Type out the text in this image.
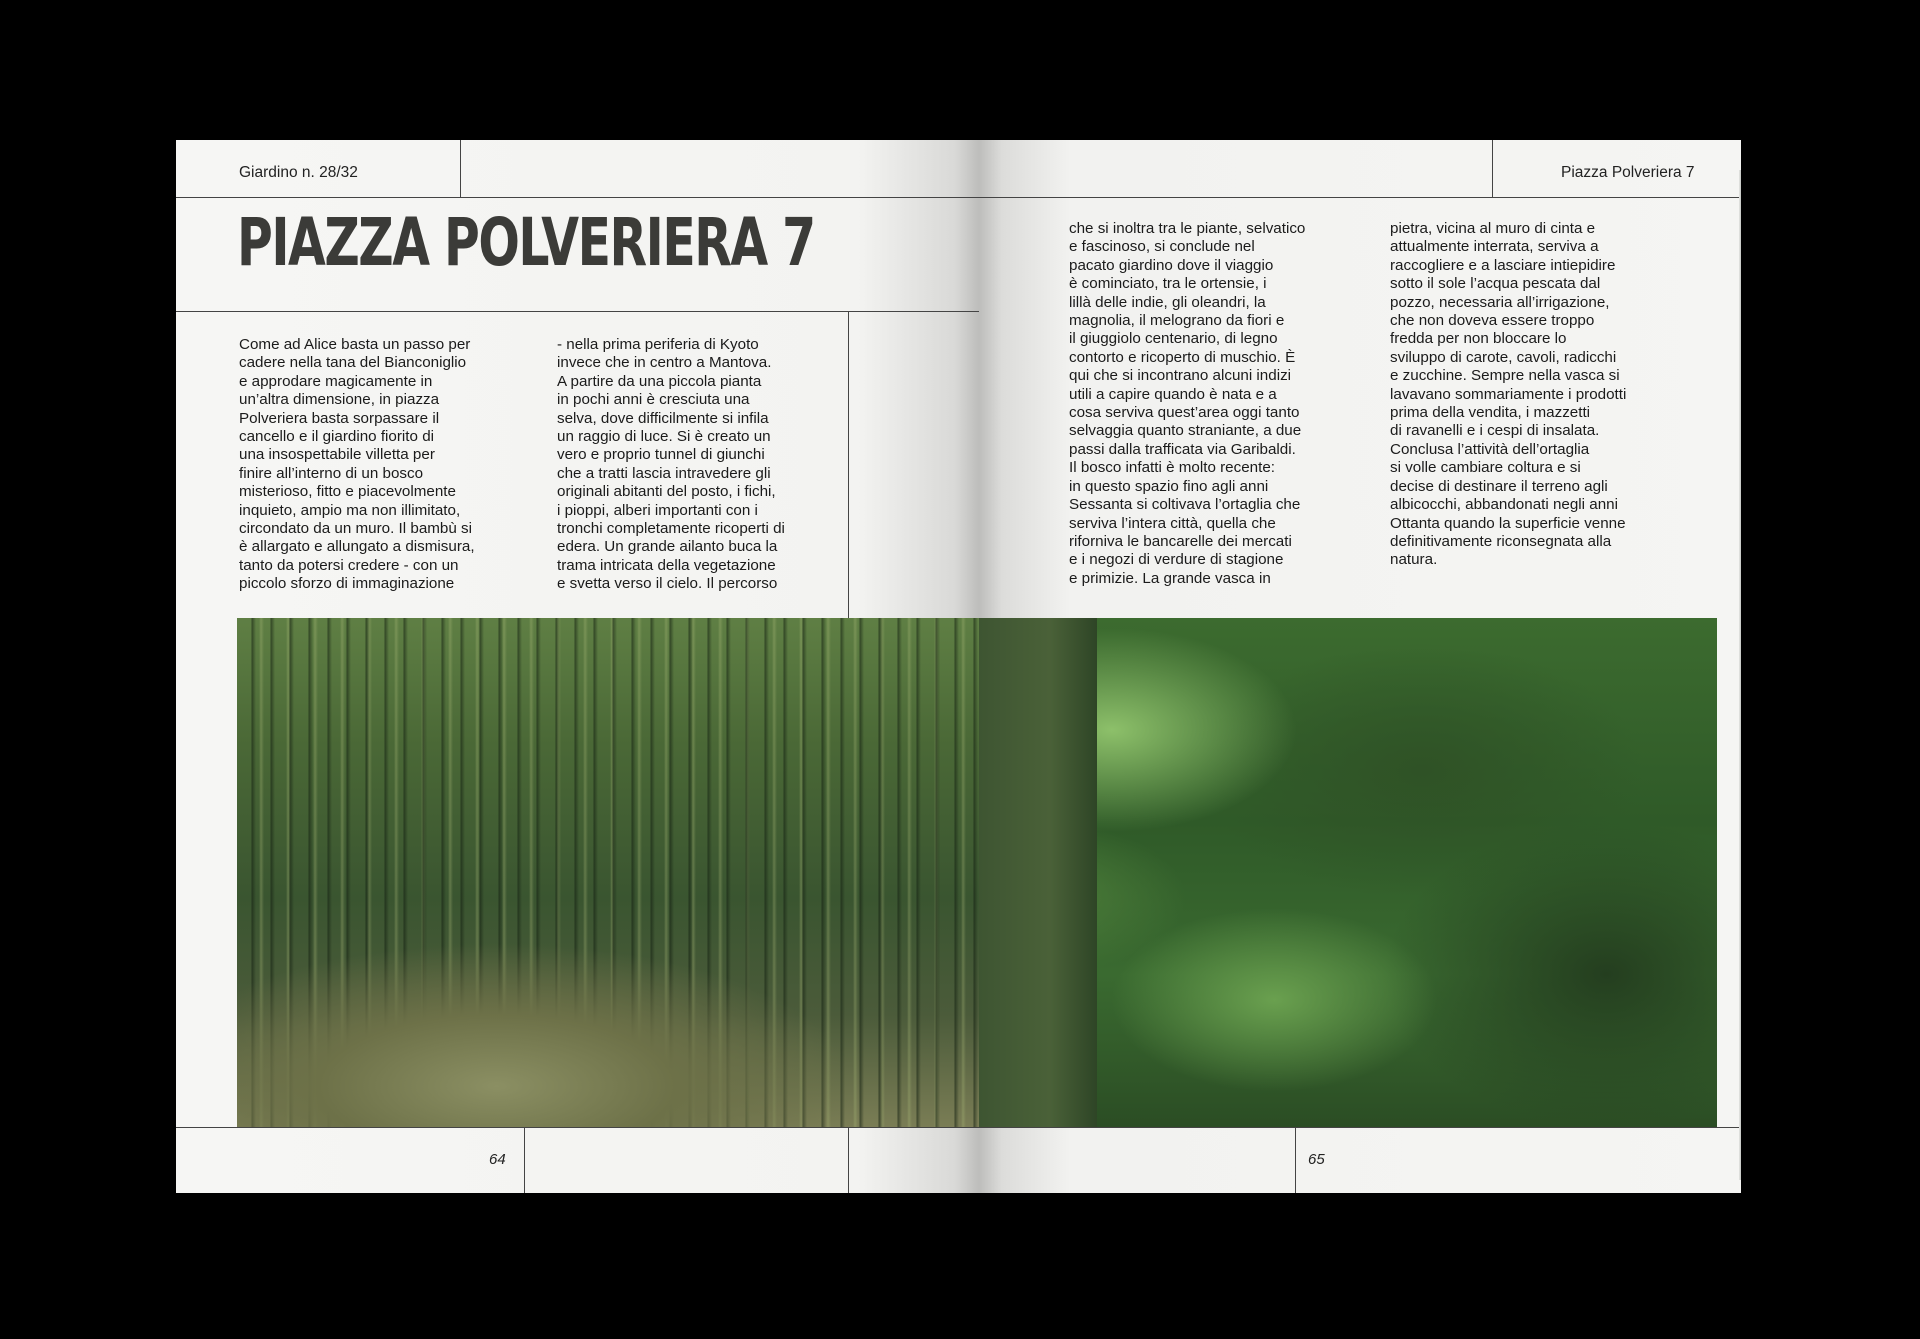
Giardino n. 28/32
PIAZZA POLVERIERA 7
Come ad Alice basta un passo per
cadere nella tana del Bianconiglio
e approdare magicamente in
un’altra dimensione, in piazza
Polveriera basta sorpassare il
cancello e il giardino fiorito di
una insospettabile villetta per
finire all’interno di un bosco
misterioso, fitto e piacevolmente
inquieto, ampio ma non illimitato,
circondato da un muro. Il bambù si
è allargato e allungato a dismisura,
tanto da potersi credere - con un
piccolo sforzo di immaginazione
- nella prima periferia di Kyoto
invece che in centro a Mantova.
A partire da una piccola pianta
in pochi anni è cresciuta una
selva, dove difficilmente si infila
un raggio di luce. Si è creato un
vero e proprio tunnel di giunchi
che a tratti lascia intravedere gli
originali abitanti del posto, i fichi,
i pioppi, alberi importanti con i
tronchi completamente ricoperti di
edera. Un grande ailanto buca la
trama intricata della vegetazione
e svetta verso il cielo. Il percorso
64
Piazza Polveriera 7
che si inoltra tra le piante, selvatico
e fascinoso, si conclude nel
pacato giardino dove il viaggio
è cominciato, tra le ortensie, i
lillà delle indie, gli oleandri, la
magnolia, il melograno da fiori e
il giuggiolo centenario, di legno
contorto e ricoperto di muschio. È
qui che si incontrano alcuni indizi
utili a capire quando è nata e a
cosa serviva quest’area oggi tanto
selvaggia quanto straniante, a due
passi dalla trafficata via Garibaldi.
Il bosco infatti è molto recente:
in questo spazio fino agli anni
Sessanta si coltivava l’ortaglia che
serviva l’intera città, quella che
riforniva le bancarelle dei mercati
e i negozi di verdure di stagione
e primizie. La grande vasca in
pietra, vicina al muro di cinta e
attualmente interrata, serviva a
raccogliere e a lasciare intiepidire
sotto il sole l’acqua pescata dal
pozzo, necessaria all’irrigazione,
che non doveva essere troppo
fredda per non bloccare lo
sviluppo di carote, cavoli, radicchi
e zucchine. Sempre nella vasca si
lavavano sommariamente i prodotti
prima della vendita, i mazzetti
di ravanelli e i cespi di insalata.
Conclusa l’attività dell’ortaglia
si volle cambiare coltura e si
decise di destinare il terreno agli
albicocchi, abbandonati negli anni
Ottanta quando la superficie venne
definitivamente riconsegnata alla
natura.
65
